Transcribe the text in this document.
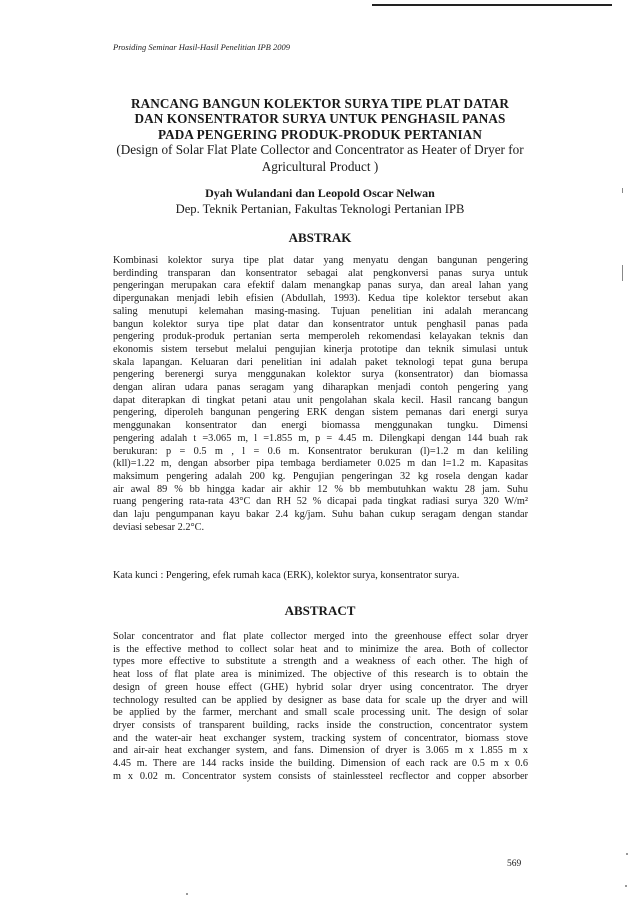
Prosiding Seminar Hasil-Hasil Penelitian IPB 2009
RANCANG BANGUN KOLEKTOR SURYA TIPE PLAT DATAR
DAN KONSENTRATOR SURYA UNTUK PENGHASIL PANAS
PADA PENGERING PRODUK-PRODUK PERTANIAN
(Design of Solar Flat Plate Collector and Concentrator as Heater of Dryer for
Agricultural Product )
Dyah Wulandani dan Leopold Oscar Nelwan
Dep. Teknik Pertanian, Fakultas Teknologi Pertanian IPB
ABSTRAK
Kombinasi kolektor surya tipe plat datar yang menyatu dengan bangunan pengering
berdinding transparan dan konsentrator sebagai alat pengkonversi panas surya untuk
pengeringan merupakan cara efektif dalam menangkap panas surya, dan areal lahan yang
dipergunakan menjadi lebih efisien (Abdullah, 1993). Kedua tipe kolektor tersebut akan
saling menutupi kelemahan masing-masing. Tujuan penelitian ini adalah merancang
bangun kolektor surya tipe plat datar dan konsentrator untuk penghasil panas pada
pengering produk-produk pertanian serta memperoleh rekomendasi kelayakan teknis dan
ekonomis sistem tersebut melalui pengujian kinerja prototipe dan teknik simulasi untuk
skala lapangan. Keluaran dari penelitian ini adalah paket teknologi tepat guna berupa
pengering berenergi surya menggunakan kolektor surya (konsentrator) dan biomassa
dengan aliran udara panas seragam yang diharapkan menjadi contoh pengering yang
dapat diterapkan di tingkat petani atau unit pengolahan skala kecil. Hasil rancang bangun
pengering, diperoleh bangunan pengering ERK dengan sistem pemanas dari energi surya
menggunakan konsentrator dan energi biomassa menggunakan tungku. Dimensi
pengering adalah t =3.065 m, l =1.855 m, p = 4.45 m. Dilengkapi dengan 144 buah rak
berukuran: p = 0.5 m , l = 0.6 m. Konsentrator berukuran (l)=1.2 m dan keliling
(kll)=1.22 m, dengan absorber pipa tembaga berdiameter 0.025 m dan l=1.2 m. Kapasitas
maksimum pengering adalah 200 kg. Pengujian pengeringan 32 kg rosela dengan kadar
air awal 89 % bb hingga kadar air akhir 12 % bb membutuhkan waktu 28 jam. Suhu
ruang pengering rata-rata 43°C dan RH 52 % dicapai pada tingkat radiasi surya 320 W/m²
dan laju pengumpanan kayu bakar 2.4 kg/jam. Suhu bahan cukup seragam dengan standar
deviasi sebesar 2.2°C.
Kata kunci : Pengering, efek rumah kaca (ERK), kolektor surya, konsentrator surya.
ABSTRACT
Solar concentrator and flat plate collector merged into the greenhouse effect solar dryer
is the effective method to collect solar heat and to minimize the area. Both of collector
types more effective to substitute a strength and a weakness of each other. The high of
heat loss of flat plate area is minimized. The objective of this research is to obtain the
design of green house effect (GHE) hybrid solar dryer using concentrator. The dryer
technology resulted can be applied by designer as base data for scale up the dryer and will
be applied by the farmer, merchant and small scale processing unit. The design of solar
dryer consists of transparent building, racks inside the construction, concentrator system
and the water-air heat exchanger system, tracking system of concentrator, biomass stove
and air-air heat exchanger system, and fans. Dimension of dryer is 3.065 m x 1.855 m x
4.45 m. There are 144 racks inside the building. Dimension of each rack are 0.5 m x 0.6
m x 0.02 m. Concentrator system consists of stainlessteel recflector and copper absorber
569
